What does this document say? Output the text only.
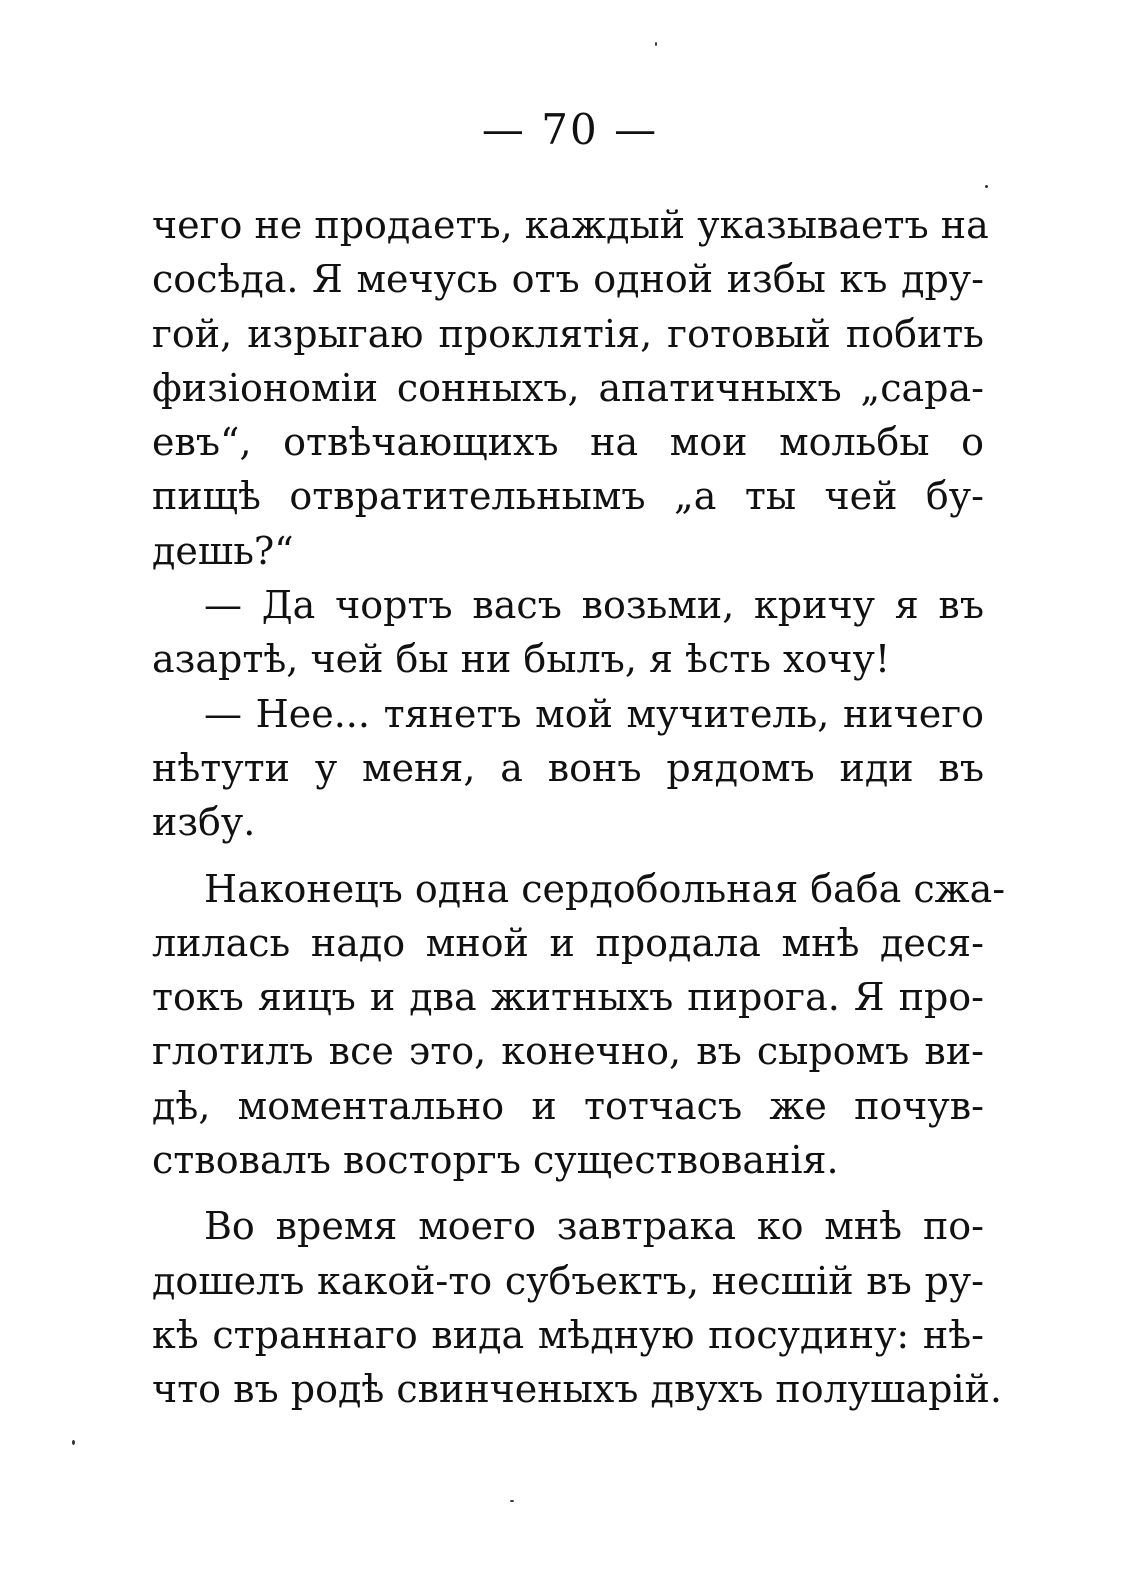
— 70 —
чего не продаетъ, каждый указываетъ на
сосѣда. Я мечусь отъ одной избы къ дру-
гой, изрыгаю проклятія, готовый побить
физіономіи сонныхъ, апатичныхъ „сара-
евъ“, отвѣчающихъ на мои мольбы о
пищѣ отвратительнымъ „а ты чей бу-
дешь?“
— Да чортъ васъ возьми, кричу я въ
азартѣ, чей бы ни былъ, я ѣсть хочу!
— Нее... тянетъ мой мучитель, ничего
нѣтути у меня, а вонъ рядомъ иди въ
избу.
Наконецъ одна сердобольная баба сжа-
лилась надо мной и продала мнѣ деся-
токъ яицъ и два житныхъ пирога. Я про-
глотилъ все это, конечно, въ сыромъ ви-
дѣ, моментально и тотчасъ же почув-
ствовалъ восторгъ существованія.
Во время моего завтрака ко мнѣ по-
дошелъ какой-то субъектъ, несшій въ ру-
кѣ страннаго вида мѣдную посудину: нѣ-
что въ родѣ свинченыхъ двухъ полушарій.
